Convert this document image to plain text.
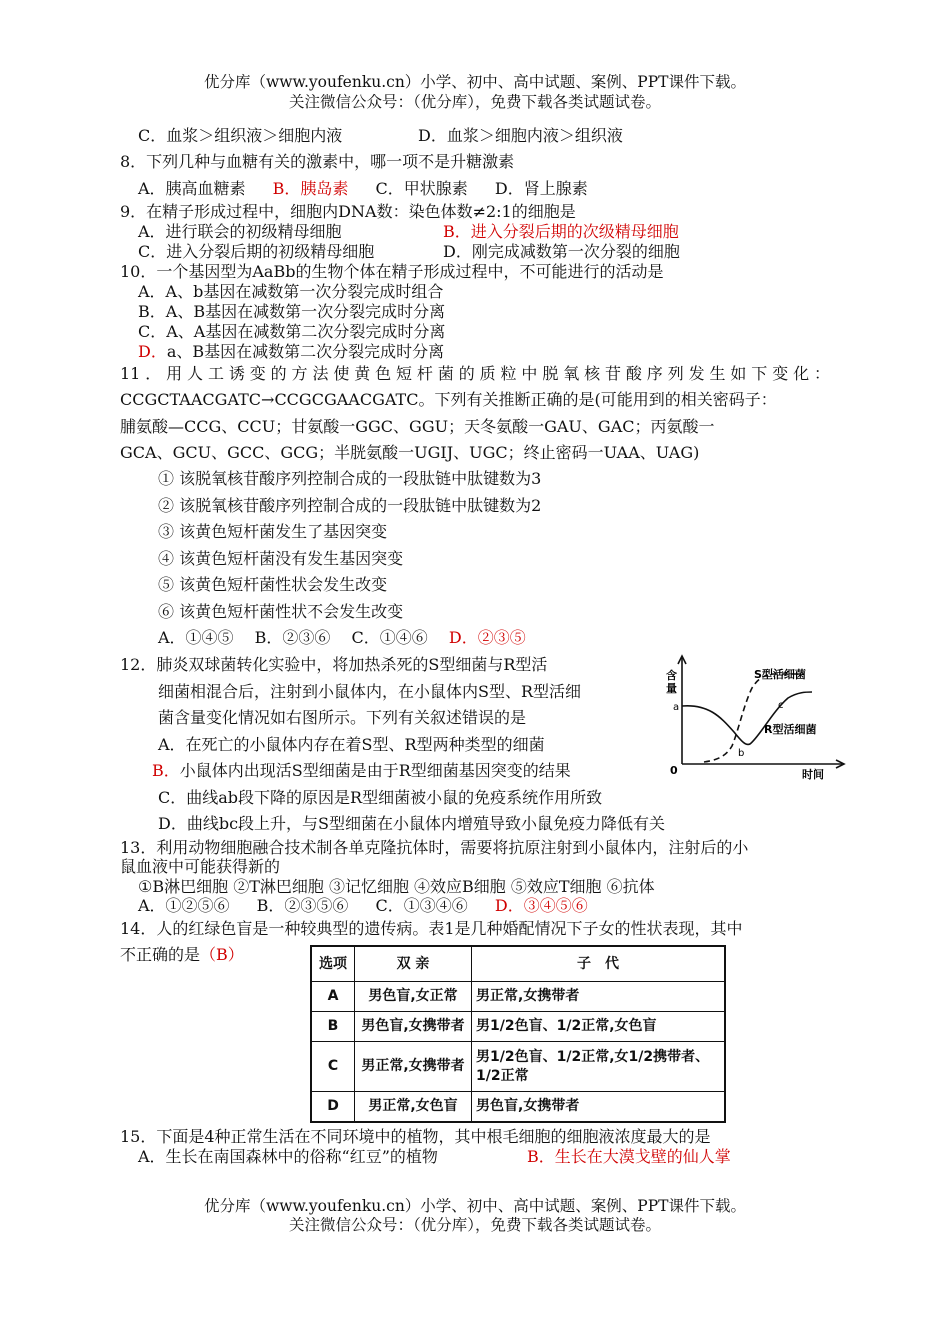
优分库（www.youfenku.cn）小学、初中、高中试题、案例、PPT课件下载。
关注微信公众号：（优分库），免费下载各类试题试卷。
C．血浆＞组织液＞细胞内液	D．血浆＞细胞内液＞组织液
8．下列几种与血糖有关的激素中，哪一项不是升糖激素
A．胰高血糖素 B．胰岛素 C．甲状腺素 D．肾上腺素
9．在精子形成过程中，细胞内DNA数：染色体数≠2:1的细胞是
A．进行联会的初级精母细胞	B．进入分裂后期的次级精母细胞
C．进入分裂后期的初级精母细胞	D．刚完成减数第一次分裂的细胞
10．一个基因型为AaBb的生物个体在精子形成过程中，不可能进行的活动是
A．A、b基因在减数第一次分裂完成时组合
B．A、B基因在减数第一次分裂完成时分离
C．A、A基因在减数第二次分裂完成时分离
D．a、B基因在减数第二次分裂完成时分离
11．用人工诱变的方法使黄色短杆菌的质粒中脱氧核苷酸序列发生如下变化：
CCGCTAACGATC→CCGCGAACGATC。下列有关推断正确的是(可能用到的相关密码子：
脯氨酸—CCG、CCU；甘氨酸一GGC、GGU；天冬氨酸一GAU、GAC；丙氨酸一
GCA、GCU、GCC、GCG；半胱氨酸一UGIJ、UGC；终止密码一UAA、UAG)
① 该脱氧核苷酸序列控制合成的一段肽链中肽键数为3
② 该脱氧核苷酸序列控制合成的一段肽链中肽键数为2
③ 该黄色短杆菌发生了基因突变
④ 该黄色短杆菌没有发生基因突变
⑤ 该黄色短杆菌性状会发生改变
⑥ 该黄色短杆菌性状不会发生改变
A．①④⑤ B．②③⑥ C．①④⑥ D．②③⑤
12．肺炎双球菌转化实验中，将加热杀死的S型细菌与R型活
细菌相混合后，注射到小鼠体内，在小鼠体内S型、R型活细
菌含量变化情况如右图所示。下列有关叙述错误的是
A．在死亡的小鼠体内存在着S型、R型两种类型的细菌
B．小鼠体内出现活S型细菌是由于R型细菌基因突变的结果
C．曲线ab段下降的原因是R型细菌被小鼠的免疫系统作用所致
D．曲线bc段上升，与S型细菌在小鼠体内增殖导致小鼠免疫力降低有关
含
量
a
b
c
S型活细菌
R型活细菌
0	时间
13．利用动物细胞融合技术制各单克隆抗体时，需要将抗原注射到小鼠体内，注射后的小
鼠血液中可能获得新的
①B淋巴细胞 ②T淋巴细胞 ③记忆细胞 ④效应B细胞 ⑤效应T细胞 ⑥抗体
A．①②⑤⑥ B．②③⑤⑥ C．①③④⑥ D．③④⑤⑥
14．人的红绿色盲是一种较典型的遗传病。表1是几种婚配情况下子女的性状表现，其中
不正确的是（B）	选项	双 亲	子　代
A	男色盲,女正常	男正常,女携带者
B	男色盲,女携带者	男1/2色盲、1/2正常,女色盲
C	男正常,女携带者	男1/2色盲、1/2正常,女1/2携带者、1/2正常
D	男正常,女色盲	男色盲,女携带者
15．下面是4种正常生活在不同环境中的植物，其中根毛细胞的细胞液浓度最大的是
A．生长在南国森林中的俗称“红豆”的植物	B．生长在大漠戈壁的仙人掌
优分库（www.youfenku.cn）小学、初中、高中试题、案例、PPT课件下载。
关注微信公众号：（优分库），免费下载各类试题试卷。
